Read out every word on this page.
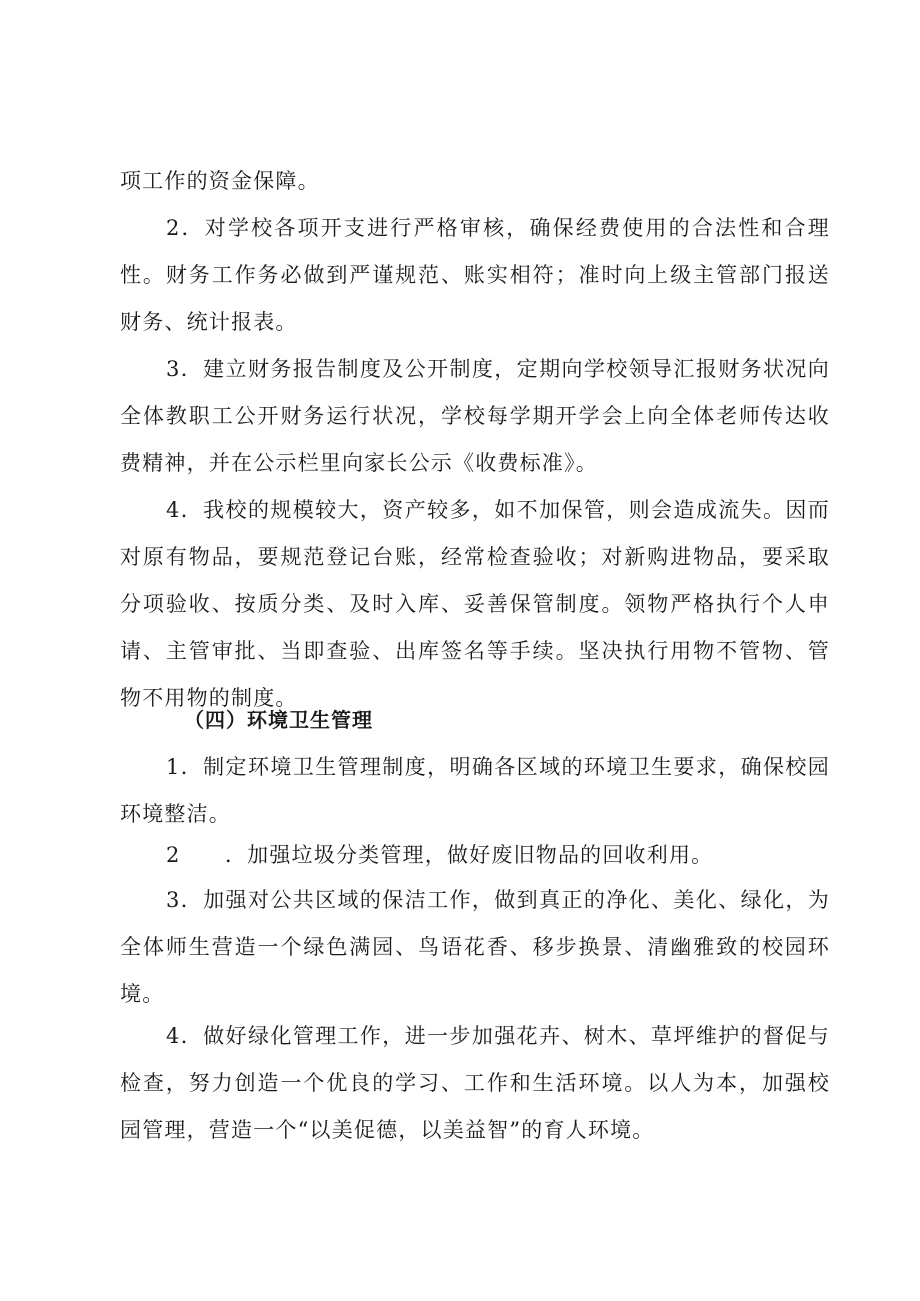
项工作的资金保障。

2．对学校各项开支进行严格审核，确保经费使用的合法性和合理性。财务工作务必做到严谨规范、账实相符；准时向上级主管部门报送财务、统计报表。

3．建立财务报告制度及公开制度，定期向学校领导汇报财务状况向全体教职工公开财务运行状况，学校每学期开学会上向全体老师传达收费精神，并在公示栏里向家长公示《收费标准》。

4．我校的规模较大，资产较多，如不加保管，则会造成流失。因而对原有物品，要规范登记台账，经常检查验收；对新购进物品，要采取分项验收、按质分类、及时入库、妥善保管制度。领物严格执行个人申请、主管审批、当即查验、出库签名等手续。坚决执行用物不管物、管物不用物的制度。

（四）环境卫生管理

1．制定环境卫生管理制度，明确各区域的环境卫生要求，确保校园环境整洁。

2　　．加强垃圾分类管理，做好废旧物品的回收利用。

3．加强对公共区域的保洁工作，做到真正的净化、美化、绿化，为全体师生营造一个绿色满园、鸟语花香、移步换景、清幽雅致的校园环境。

4．做好绿化管理工作，进一步加强花卉、树木、草坪维护的督促与检查，努力创造一个优良的学习、工作和生活环境。以人为本，加强校园管理，营造一个“以美促德，以美益智”的育人环境。
